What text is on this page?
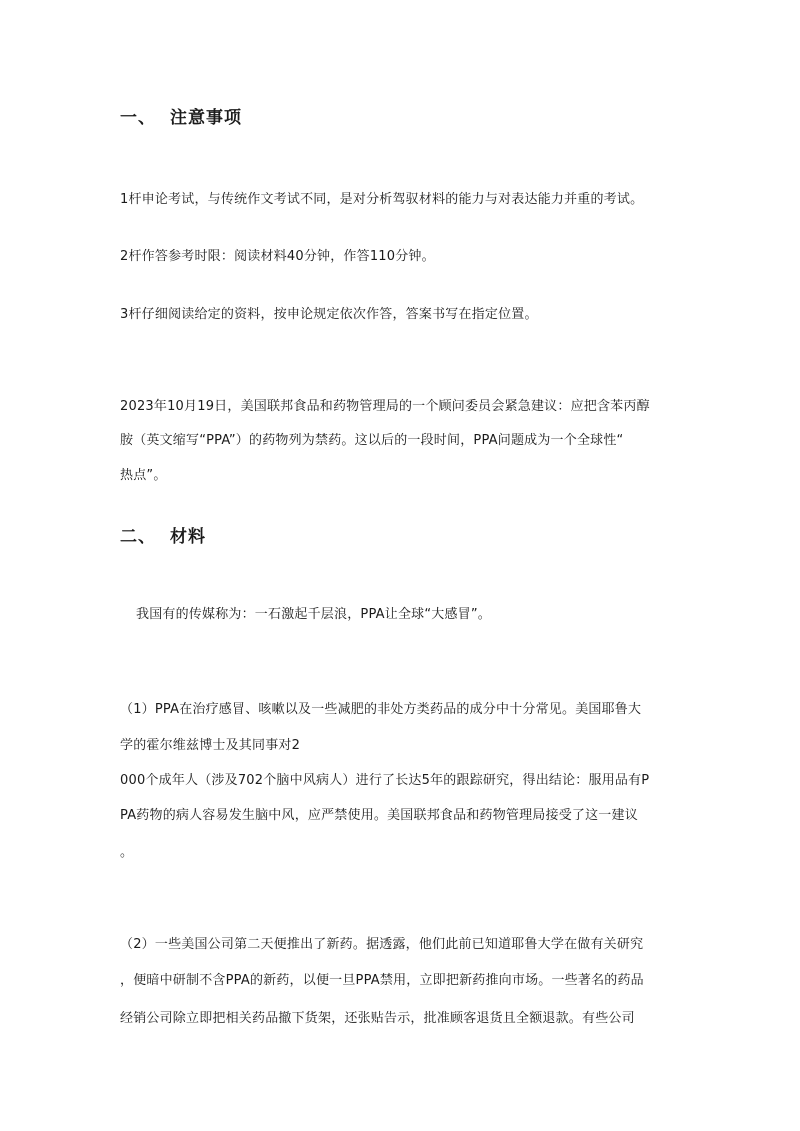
一、 注意事项
1杆申论考试，与传统作文考试不同，是对分析驾驭材料的能力与对表达能力并重的考试。
2杆作答参考时限：阅读材料40分钟，作答110分钟。
3杆仔细阅读给定的资料，按申论规定依次作答，答案书写在指定位置。
2023年10月19日，美国联邦食品和药物管理局的一个顾问委员会紧急建议：应把含苯丙醇
胺（英文缩写“PPA”）的药物列为禁药。这以后的一段时间，PPA问题成为一个全球性“
热点”。
二、 材料
我国有的传媒称为：一石激起千层浪，PPA让全球“大感冒”。
（1）PPA在治疗感冒、咳嗽以及一些减肥的非处方类药品的成分中十分常见。美国耶鲁大
学的霍尔维兹博士及其同事对2
000个成年人（涉及702个脑中风病人）进行了长达5年的跟踪研究，得出结论：服用品有P
PA药物的病人容易发生脑中风，应严禁使用。美国联邦食品和药物管理局接受了这一建议
。
（2）一些美国公司第二天便推出了新药。据透露，他们此前已知道耶鲁大学在做有关研究
，便暗中研制不含PPA的新药，以便一旦PPA禁用，立即把新药推向市场。一些著名的药品
经销公司除立即把相关药品撤下货架，还张贴告示，批准顾客退货且全额退款。有些公司
